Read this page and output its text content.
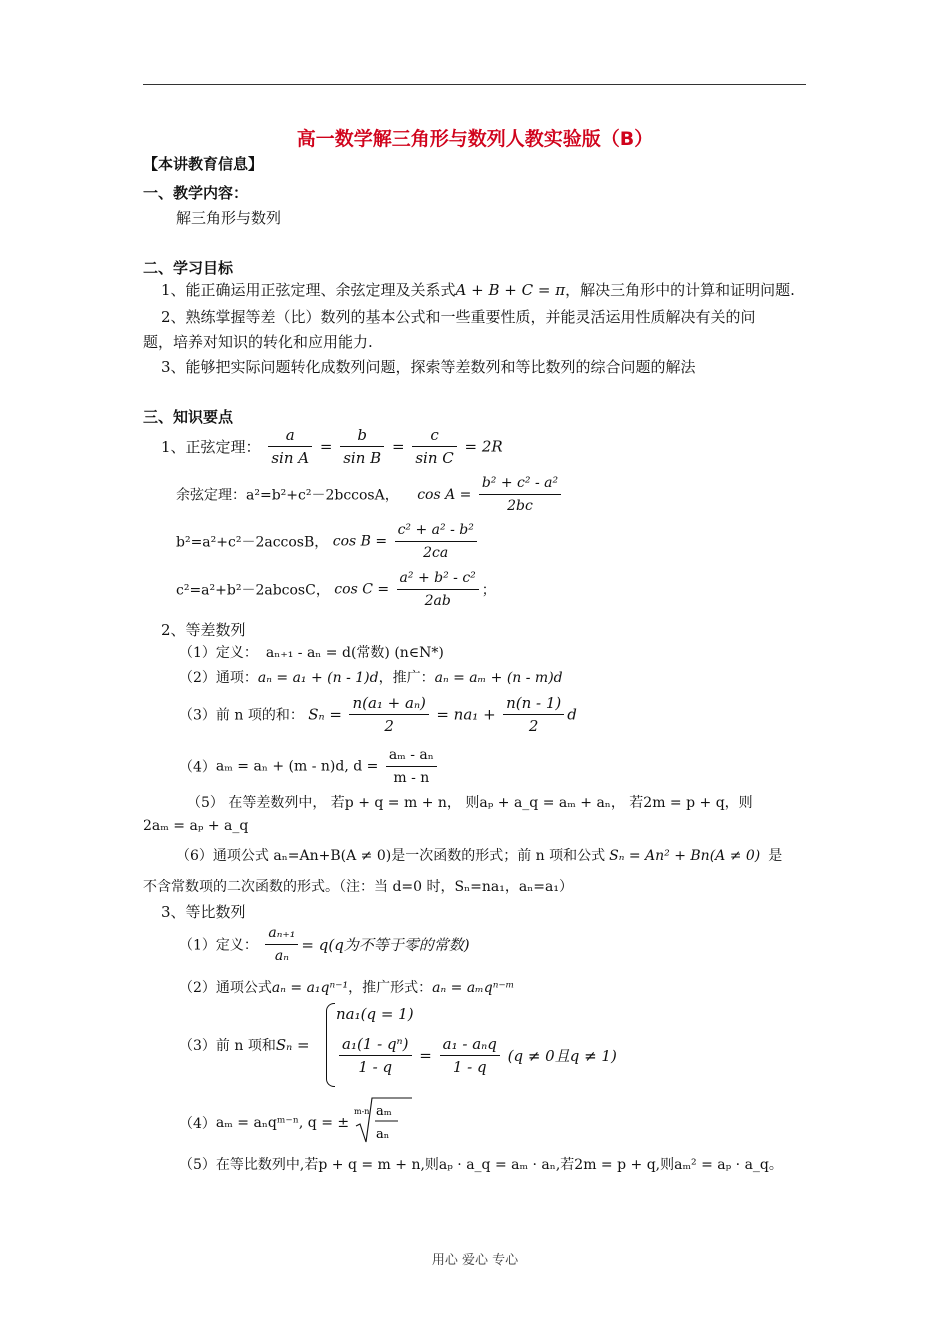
高一数学解三角形与数列人教实验版（B）
【本讲教育信息】
一、教学内容：
解三角形与数列
二、学习目标
1、能正确运用正弦定理、余弦定理及关系式A + B + C = π，解决三角形中的计算和证明问题.
2、熟练掌握等差（比）数列的基本公式和一些重要性质，并能灵活运用性质解决有关的问
题，培养对知识的转化和应用能力.
3、能够把实际问题转化成数列问题，探索等差数列和等比数列的综合问题的解法
三、知识要点
1、正弦定理： $\frac{a}{\text{sin A}} = \frac{b}{\text{sin B}} = \frac{c}{\text{sin C}} = 2R$
余弦定理：a²=b²+c²－2bccosA， $\cos A = \frac{\text{b² + c² - a²}}{2bc}$
b²=a²+c²－2accosB， $\cos B = \frac{\text{c² + a² - b²}}{2ca}$
c²=a²+b²－2abcosC， $\cos C = \frac{\text{a² + b² - c²}}{2ab}$ ；
2、等差数列
（1）定义： aₙ₊₁ - aₙ = d(常数) (n∈N*)
（2）通项：aₙ = a₁ + (n - 1)d，推广：aₙ = aₘ + (n - m)d
（3）前 n 项的和： $S_n = \frac{\text{n(a₁ + aₙ)}}{2} = na_1 + \frac{n(n - 1)}{2}$ d
（4）aₘ = aₙ + (m - n)d, $d = \frac{\text{aₘ - aₙ}}{m - n}$
（5） 在等差数列中， 若p + q = m + n， 则aₚ + a_q = aₘ + aₙ， 若2m = p + q，则
2aₘ = aₚ + a_q
（6）通项公式 aₙ=An+B(A ≠ 0)是一次函数的形式；前 n 项和公式 Sₙ = An² + Bn(A ≠ 0) 是
不含常数项的二次函数的形式。（注：当 d=0 时，Sₙ=na₁，aₙ=a₁）
3、等比数列
（1）定义： $\frac{\text{aₙ₊₁}}{\text{aₙ}} = q(q$为不等于零的常数)
（2）通项公式aₙ = a₁qⁿ⁻¹，推广形式：aₙ = aₘqⁿ⁻ᵐ
（3）前 n 项和Sₙ =
na₁(q = 1)
$\frac{\text{a₁(1 - qⁿ)}}{1 - q} = \frac{\text{a₁ - aₙq}}{1 - q} (q \ne 0$且q ≠ 1)
（4）aₘ = aₙqᵐ⁻ⁿ, q = ±
m-n aₘ
aₙ
（5）在等比数列中,若p + q = m + n,则aₚ · a_q = aₘ · aₙ,若2m = p + q,则aₘ² = aₚ · a_q。
用心 爱心 专心
